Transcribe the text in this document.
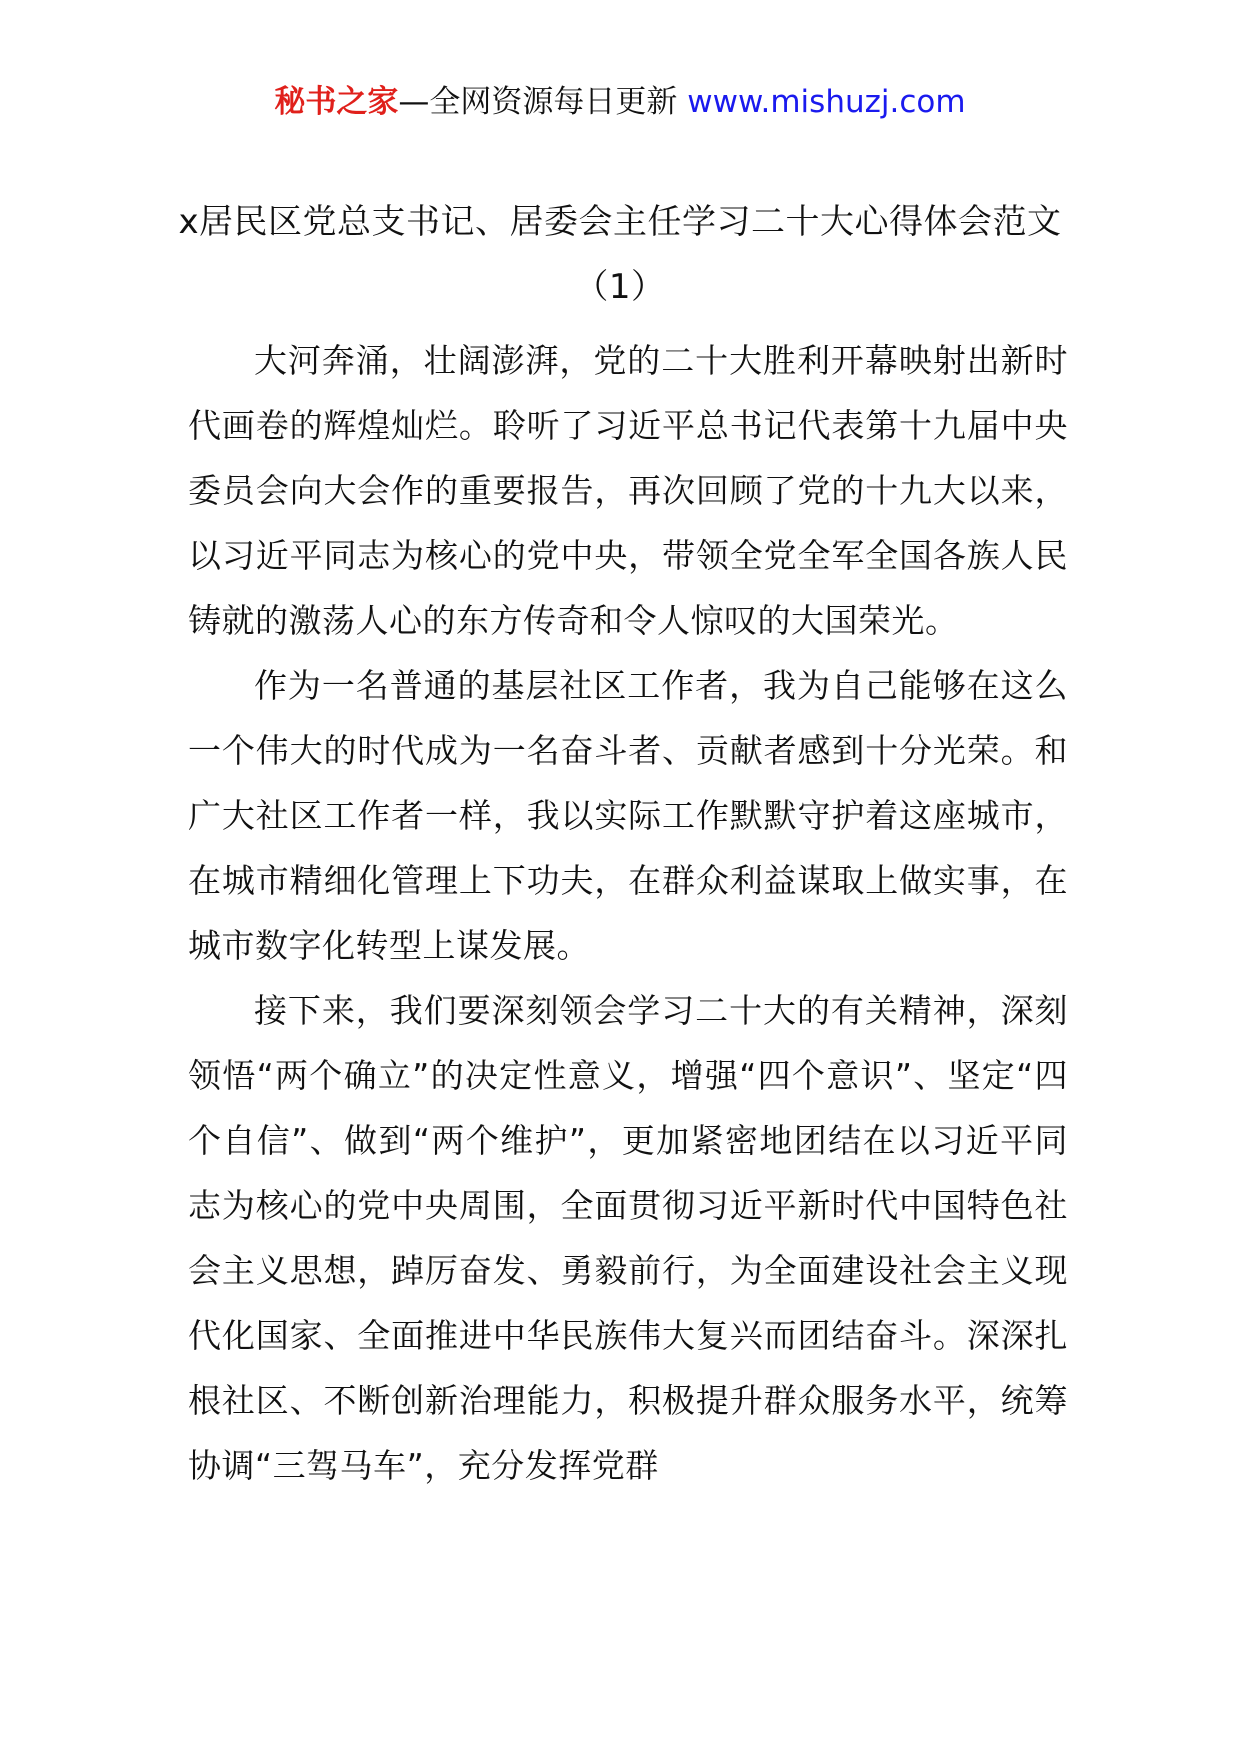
秘书之家—全网资源每日更新 www.mishuzj.com
x居民区党总支书记、居委会主任学习二十大心得体会范文
（1）

大河奔涌，壮阔澎湃，党的二十大胜利开幕映射出新时代画卷的辉煌灿烂。聆听了习近平总书记代表第十九届中央委员会向大会作的重要报告，再次回顾了党的十九大以来，以习近平同志为核心的党中央，带领全党全军全国各族人民铸就的激荡人心的东方传奇和令人惊叹的大国荣光。

作为一名普通的基层社区工作者，我为自己能够在这么一个伟大的时代成为一名奋斗者、贡献者感到十分光荣。和广大社区工作者一样，我以实际工作默默守护着这座城市，在城市精细化管理上下功夫，在群众利益谋取上做实事，在城市数字化转型上谋发展。

接下来，我们要深刻领会学习二十大的有关精神，深刻领悟“两个确立”的决定性意义，增强“四个意识”、坚定“四个自信”、做到“两个维护”，更加紧密地团结在以习近平同志为核心的党中央周围，全面贯彻习近平新时代中国特色社会主义思想，踔厉奋发、勇毅前行，为全面建设社会主义现代化国家、全面推进中华民族伟大复兴而团结奋斗。深深扎根社区、不断创新治理能力，积极提升群众服务水平，统筹协调“三驾马车”，充分发挥党群
